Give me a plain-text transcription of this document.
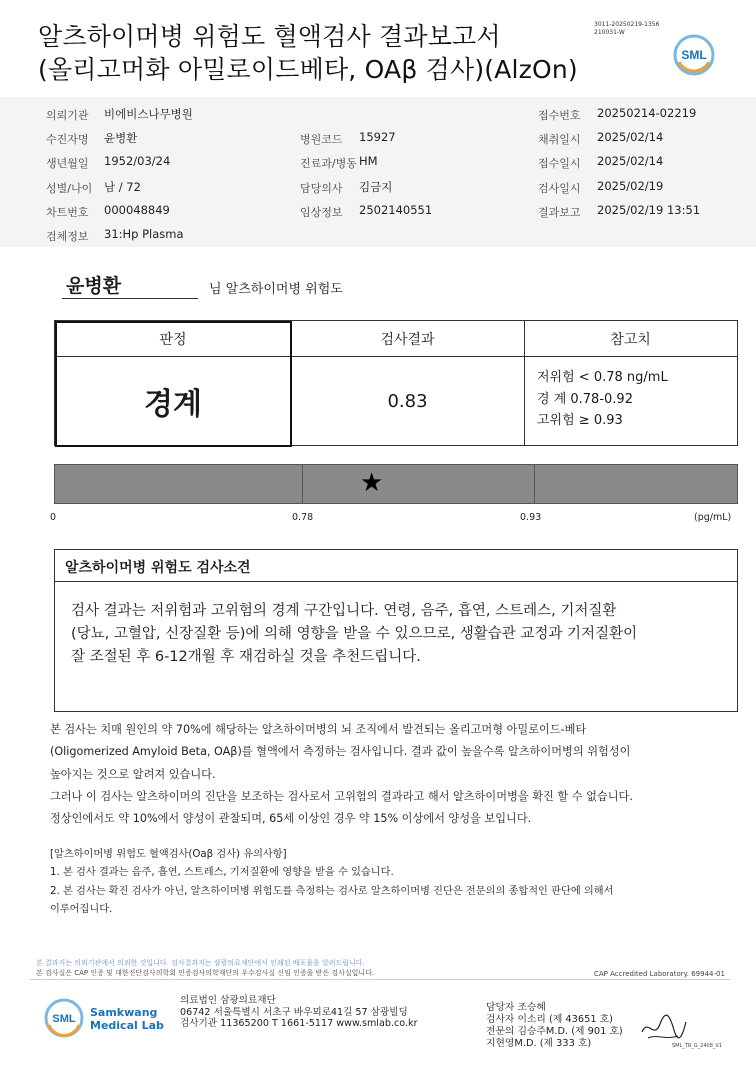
알츠하이머병 위험도 혈액검사 결과보고서
(올리고머화 아밀로이드베타, OAβ 검사)(AlzOn)
3011-20250219-1356
210031-W
SML
의뢰기관 비에비스나무병원	접수번호 20250214-02219
수진자명 윤병환	병원코드 15927	채취일시 2025/02/14
생년월일 1952/03/24	진료과/병동 HM	접수일시 2025/02/14
성별/나이 남 / 72	담당의사 김금지	검사일시 2025/02/19
차트번호 000048849	임상정보 2502140551	결과보고 2025/02/19 13:51
검체정보 31:Hp Plasma
윤병환	님 알츠하이머병 위험도
판정	검사결과	참고치
경계	0.83
저위험 < 0.78 ng/mL
경 계 0.78-0.92
고위험 ≥ 0.93
★
0	0.78	0.93	(pg/mL)
알츠하이머병 위험도 검사소견
검사 결과는 저위험과 고위험의 경계 구간입니다. 연령, 음주, 흡연, 스트레스, 기저질환
(당뇨, 고혈압, 신장질환 등)에 의해 영향을 받을 수 있으므로, 생활습관 교정과 기저질환이
잘 조절된 후 6-12개월 후 재검하실 것을 추천드립니다.

본 검사는 치매 원인의 약 70%에 해당하는 알츠하이머병의 뇌 조직에서 발견되는 올리고머형 아밀로이드-베타

(Oligomerized Amyloid Beta, OAβ)를 혈액에서 측정하는 검사입니다. 결과 값이 높을수록 알츠하이머병의 위험성이

높아지는 것으로 알려져 있습니다.

그러나 이 검사는 알츠하이머의 진단을 보조하는 검사로서 고위험의 결과라고 해서 알츠하이머병을 확진 할 수 없습니다.

정상인에서도 약 10%에서 양성이 관찰되며, 65세 이상인 경우 약 15% 이상에서 양성을 보입니다.

[알츠하이머병 위험도 혈액검사(Oaβ 검사) 유의사항]

1. 본 검사 결과는 음주, 흡연, 스트레스, 기저질환에 영향을 받을 수 있습니다.

2. 본 검사는 확진 검사가 아닌, 알츠하이머병 위험도를 측정하는 검사로 알츠하이머병 진단은 전문의의 종합적인 판단에 의해서

이루어집니다.

본 결과지는 의뢰기관에서 의뢰한 것입니다. 검사결과지는 삼광의료재단에서 인쇄된 배포물을 알려드립니다.
본 검사실은 CAP 인증 및 대한진단검사의학회 인증검사의학재단의 우수검사실 신임 인증을 받은 검사실입니다.	CAP Accredited Laboratory. 69944-01
SML Samkwang
Medical Lab
의료법인 삼광의료재단
06742 서울특별시 서초구 바우뫼로41길 57 삼광빌딩
검사기관 11365200 T 1661-5117 www.smlab.co.kr
담당자 조승혜
검사자 이소리 (제 43651 호)
전문의 김승주M.D. (제 901 호)
지현영M.D. (제 333 호)	SML_TR_G_2408_V1
